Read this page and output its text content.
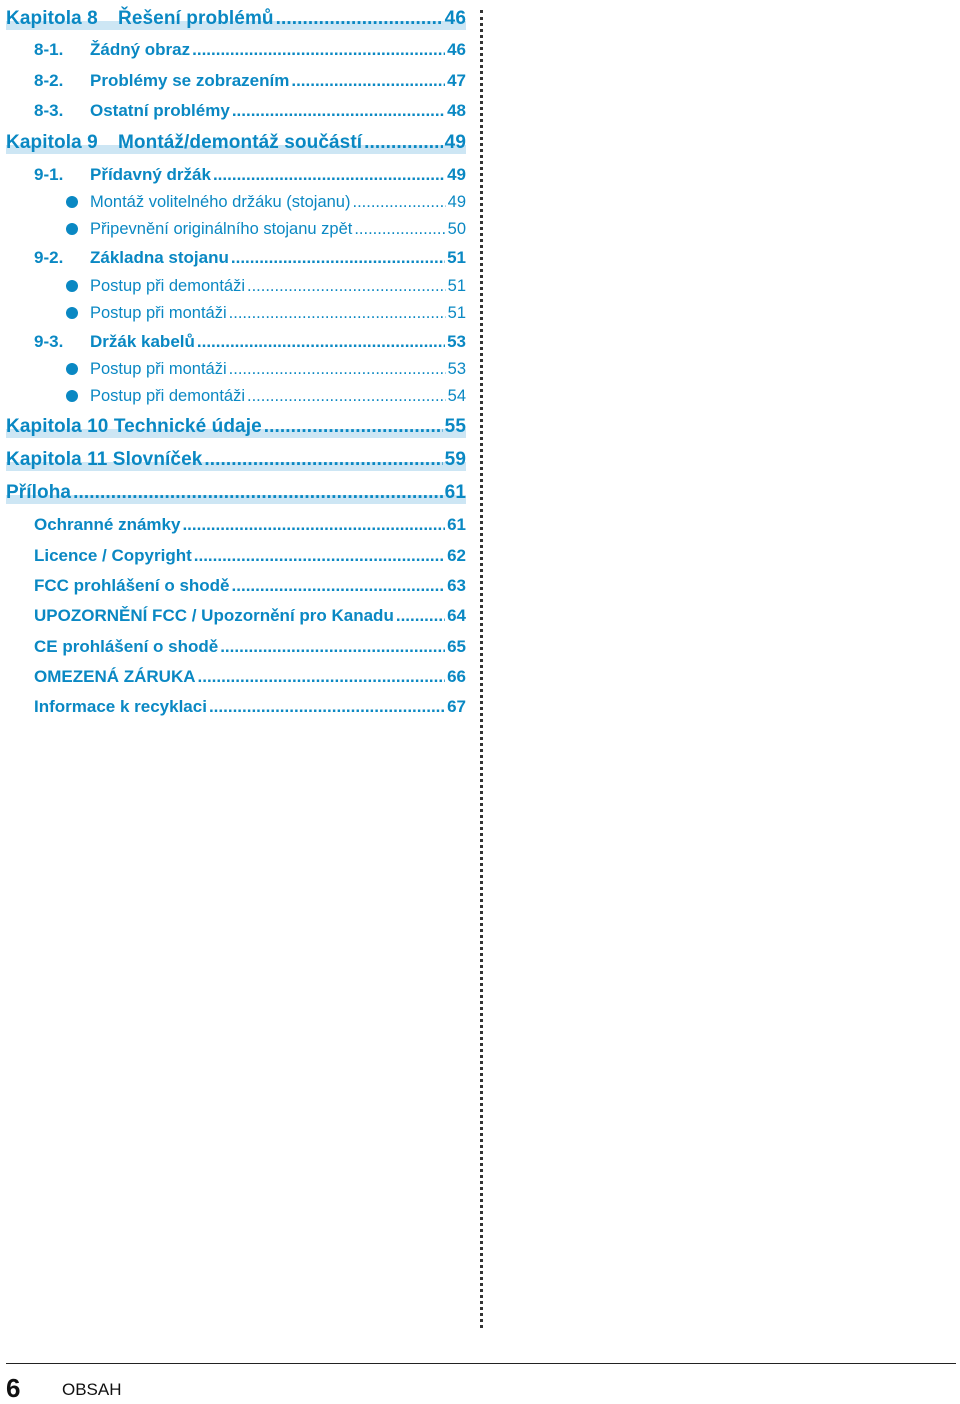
Kapitola 8	Řešení problémů .....	46
8-1.	Žádný obraz .....	46
8-2.	Problémy se zobrazením .....	47
8-3.	Ostatní problémy .....	48
Kapitola 9	Montáž/demontáž součástí .....	49
9-1.	Přídavný držák .....	49
Montáž volitelného držáku (stojanu) .....	49
Připevnění originálního stojanu zpět .....	50
9-2.	Základna stojanu .....	51
Postup při demontáži .....	51
Postup při montáži .....	51
9-3.	Držák kabelů .....	53
Postup při montáži .....	53
Postup při demontáži .....	54
Kapitola 10 Technické údaje .....	55
Kapitola 11 Slovníček .....	59
Příloha .....	61
Ochranné známky .....	61
Licence / Copyright .....	62
FCC prohlášení o shodě .....	63
UPOZORNĚNÍ FCC / Upozornění pro Kanadu .....	64
CE prohlášení o shodě .....	65
OMEZENÁ ZÁRUKA .....	66
Informace k recyklaci .....	67
6 OBSAH
